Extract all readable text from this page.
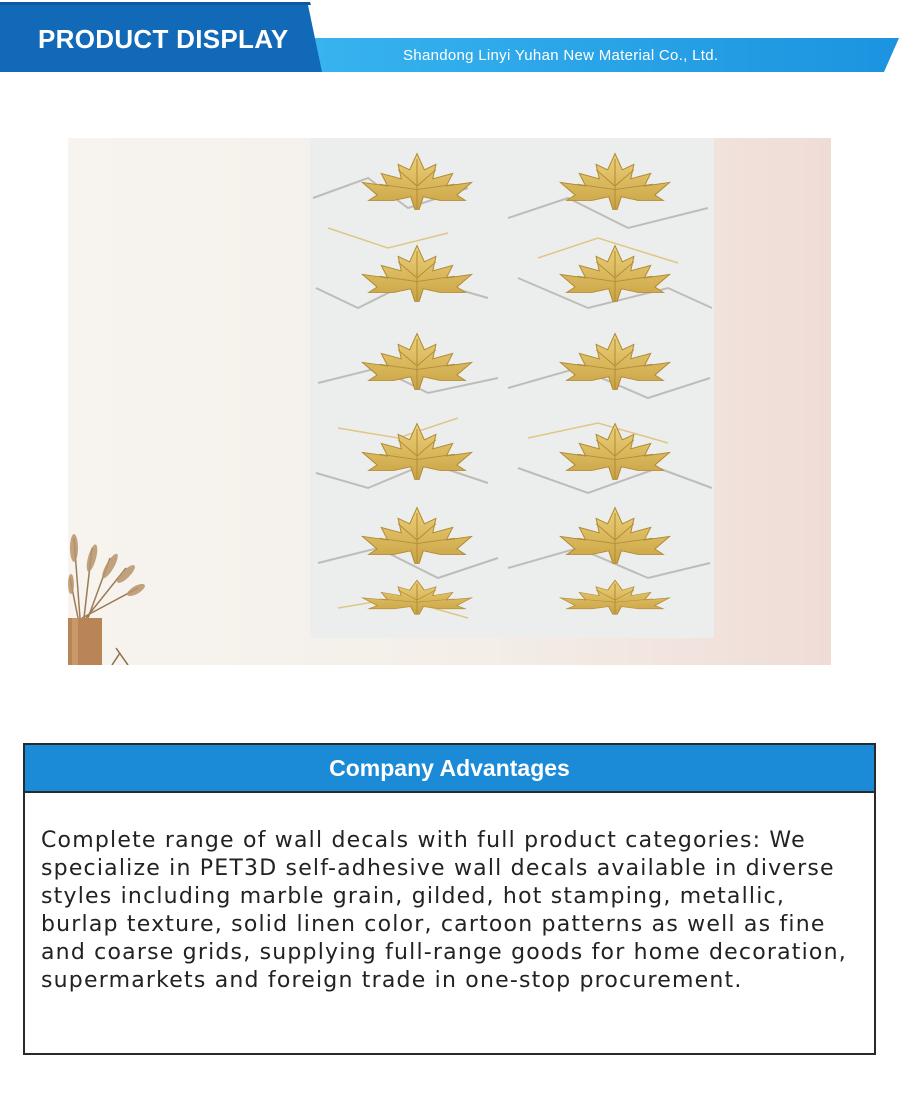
PRODUCT DISPLAY
Shandong Linyi Yuhan New Material Co., Ltd.
Company Advantages

Complete range of wall decals with full product categories: We specialize in PET3D self-adhesive wall decals available in diverse styles including marble grain, gilded, hot stamping, metallic, burlap texture, solid linen color, cartoon patterns as well as fine and coarse grids, supplying full-range goods for home decoration, supermarkets and foreign trade in one-stop procurement.
